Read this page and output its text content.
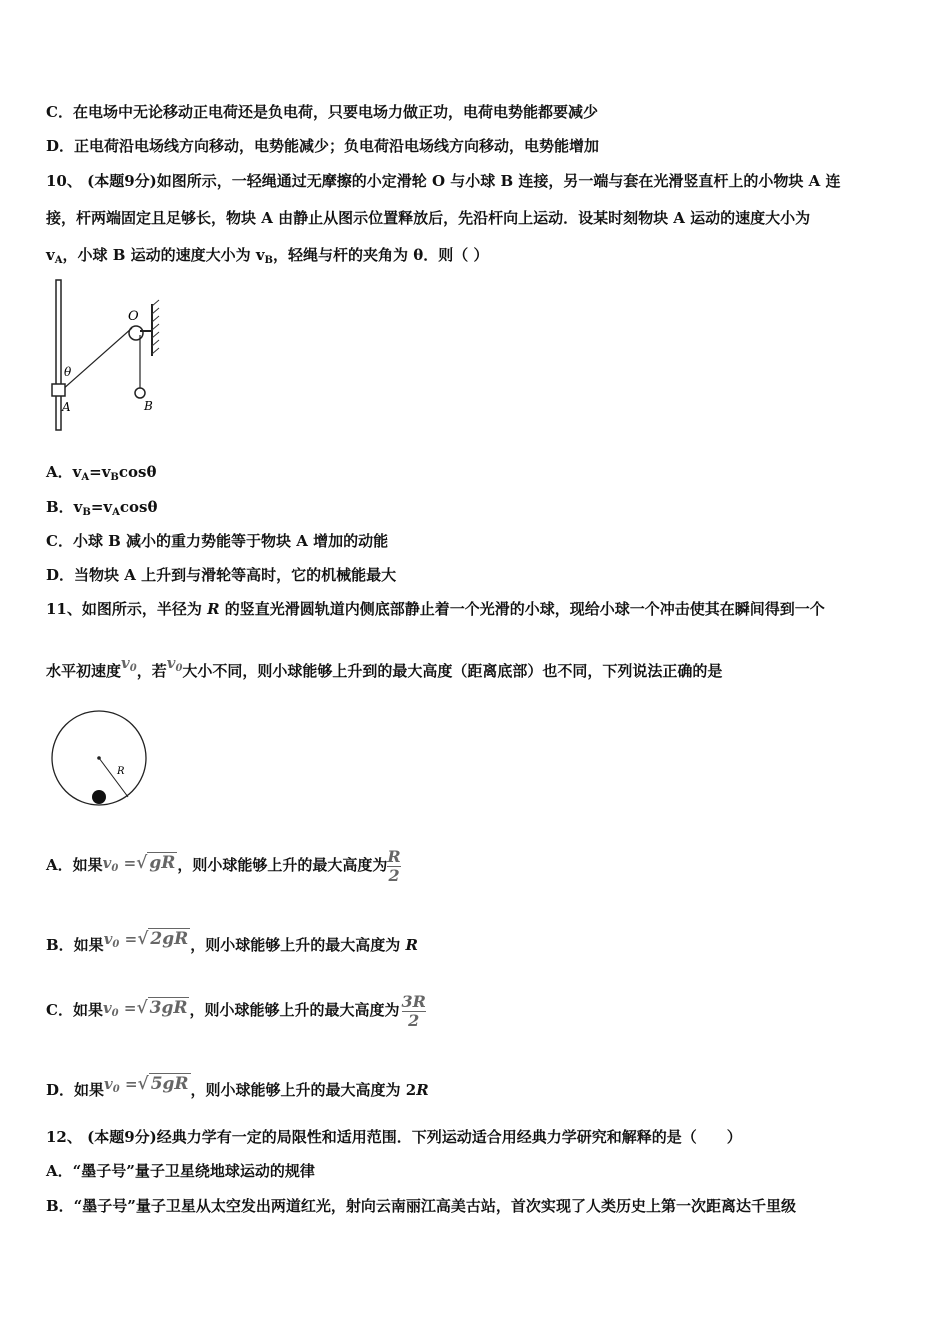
C．在电场中无论移动正电荷还是负电荷，只要电场力做正功，电荷电势能都要减少
D．正电荷沿电场线方向移动，电势能减少；负电荷沿电场线方向移动，电势能增加
10、 (本题9分)如图所示，一轻绳通过无摩擦的小定滑轮 O 与小球 B 连接，另一端与套在光滑竖直杆上的小物块 A 连
接，杆两端固定且足够长，物块 A 由静止从图示位置释放后，先沿杆向上运动．设某时刻物块 A 运动的速度大小为
$v_A$，小球 B 运动的速度大小为 $v_B$，轻绳与杆的夹角为 θ．则（ ）
O
θ
A	B
A．$v_A=v_B\cos\theta$
B．$v_B=v_A\cos\theta$
C．小球 B 减小的重力势能等于物块 A 增加的动能
D．当物块 A 上升到与滑轮等高时，它的机械能最大
11、如图所示，半径为 R 的竖直光滑圆轨道内侧底部静止着一个光滑的小球，现给小球一个冲击使其在瞬间得到一个
水平初速度$v_0$，若$v_0$大小不同，则小球能够上升到的最大高度（距离底部）也不同，下列说法正确的是
R
A．如果$v_0$ =√ gR ，则小球能够上升的最大高度为 $\frac{R}{2}$
B．如果$v_0$ =√ 2gR ，则小球能够上升的最大高度为 R
C．如果$v_0$ =√ 3gR ，则小球能够上升的最大高度为 $\frac{3R}{2}$
D．如果$v_0$ =√ 5gR ，则小球能够上升的最大高度为 2R
12、 (本题9分)经典力学有一定的局限性和适用范围．下列运动适合用经典力学研究和解释的是（　　）
A．“墨子号”量子卫星绕地球运动的规律
B．“墨子号”量子卫星从太空发出两道红光，射向云南丽江高美古站，首次实现了人类历史上第一次距离达千里级
